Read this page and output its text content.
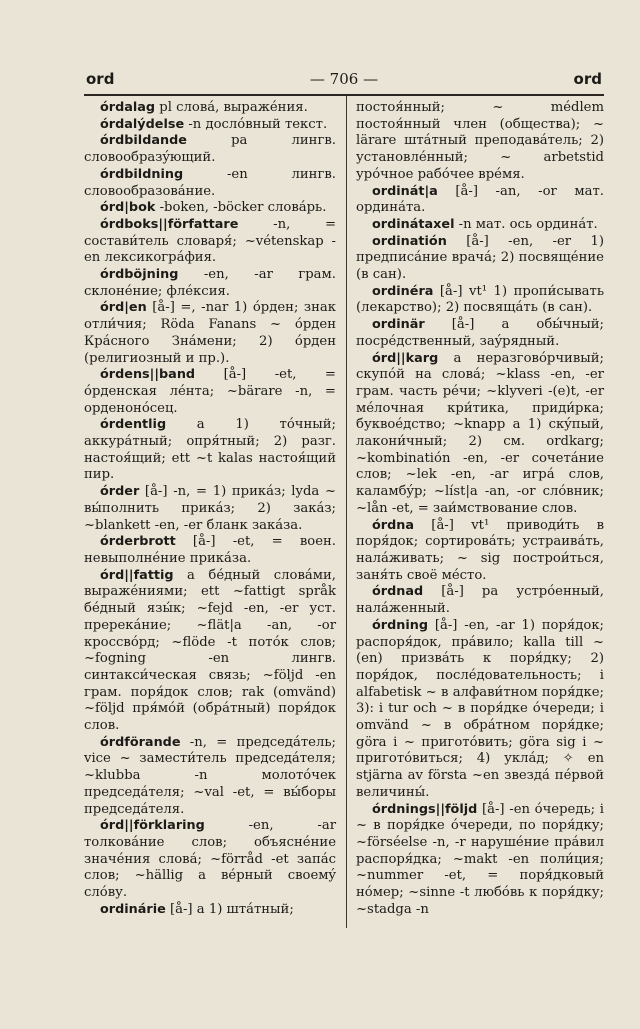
ord	— 706 —	ord

órdalag pl словá, выражéния.

órdalýdelse -n дослóвный текст.

órdbildande pa лингв. словообразýющий.

órdbildning -en лингв. словообразовáние.

órd|bok -boken, -böcker словáрь.

órdboks||författare -n, = состави́тель словаря́; ~vétenskap -en лексикогрáфия.

órdböjning -en, -ar грам. склонéние; флéксия.

órd|en [å-] =, -nar 1) óрден; знак отли́чия; Röda Fanans ~ óрден Крáсного Знáмени; 2) óрден (религиозный и пр.).

órdens||band [å-] -et, = óрденская лéнта; ~bärare -n, = орденонóсец.

órdentlig a 1) тóчный; аккурáтный; опря́тный; 2) разг. настоя́щий; ett ~t kalas настоя́щий пир.

órder [å-] -n, = 1) прикáз; lyda ~ вы́полнить прикáз; 2) закáз; ~blankett -en, -er бланк закáза.

órderbrott [å-] -et, = воен. невыполнéние прикáза.

órd||fattig a бéдный словáми, выражéниями; ett ~fattigt språk бéдный язы́к; ~fejd -en, -er уст. пререкáние; ~flät|a -an, -or кроссвóрд; ~flöde -t потóк слов; ~fogning -en лингв. синтакси́ческая связь; ~följd -en грам. поря́док слов; rak (omvänd) ~följd пря́мóй (обрáтный) поря́док слов.

órdförande -n, = председáтель; vice ~ замести́тель председáтеля; ~klubba -n молотóчек председáтеля; ~val -et, = вы́боры председáтеля.

órd||förklaring -en, -ar толковáние слов; объяснéние значéния словá; ~förråd -et запáс слов; ~hällig a вéрный своемý слóву.

ordinárie [å-] a 1) штáтный;

постоя́нный; ~ médlem постоя́нный член (общества); ~ lärare штáтный преподавáтель; 2) установлéнный; ~ arbetstid урóчное рабóчее врéмя.

ordinát|a [å-] -an, -or мат. ординáта.

ordinátaxel -n мат. ось ординáт.

ordinatión [å-] -en, -er 1) предписáние врачá; 2) посвящéние (в сан).

ordinéra [å-] vt¹ 1) пропи́сывать (лекарство); 2) посвящáть (в сан).

ordinär [å-] a обы́чный; посрéдственный, заýрядный.

órd||karg a неразговóрчивый; скупóй на словá; ~klass -en, -er грам. часть рéчи; ~klyveri -(e)t, -er мéлочная кри́тика, приди́рка; буквоéдство; ~knapp a 1) скýпый, лакони́чный; 2) см. ordkarg; ~kombinatión -en, -er сочетáние слов; ~lek -en, -ar игрá слов, каламбýр; ~líst|a -an, -or слóвник; ~lån -et, = заи́мствование слов.

órdna [å-] vt¹ приводи́ть в поря́док; сортировáть; устраивáть, налáживать; ~ sig построи́ться, заня́ть своё мéсто.

órdnad [å-] pa устрóенный, налáженный.

órdning [å-] -en, -ar 1) поря́док; распоря́док, прáвило; kalla till ~(en) призвáть к поря́дку; 2) поря́док, послéдовательность; i alfabetisk ~ в алфави́тном поря́дке; 3): i tur och ~ в поря́дке óчереди; i omvänd ~ в обрáтном поря́дке; göra i ~ приготóвить; göra sig i ~ приготóвиться; 4) уклáд; ✧ en stjärna av första ~en звездá пéрвой величины́.

órdnings||följd [å-] -en óчередь; i ~ в поря́дке óчереди, по поря́дку; ~förséelse -n, -r нарушéние прáвил распоря́дка; ~makt -en поли́ция; ~nummer -et, = поря́дковый нóмер; ~sinne -t любóвь к поря́дку; ~stadga -n
